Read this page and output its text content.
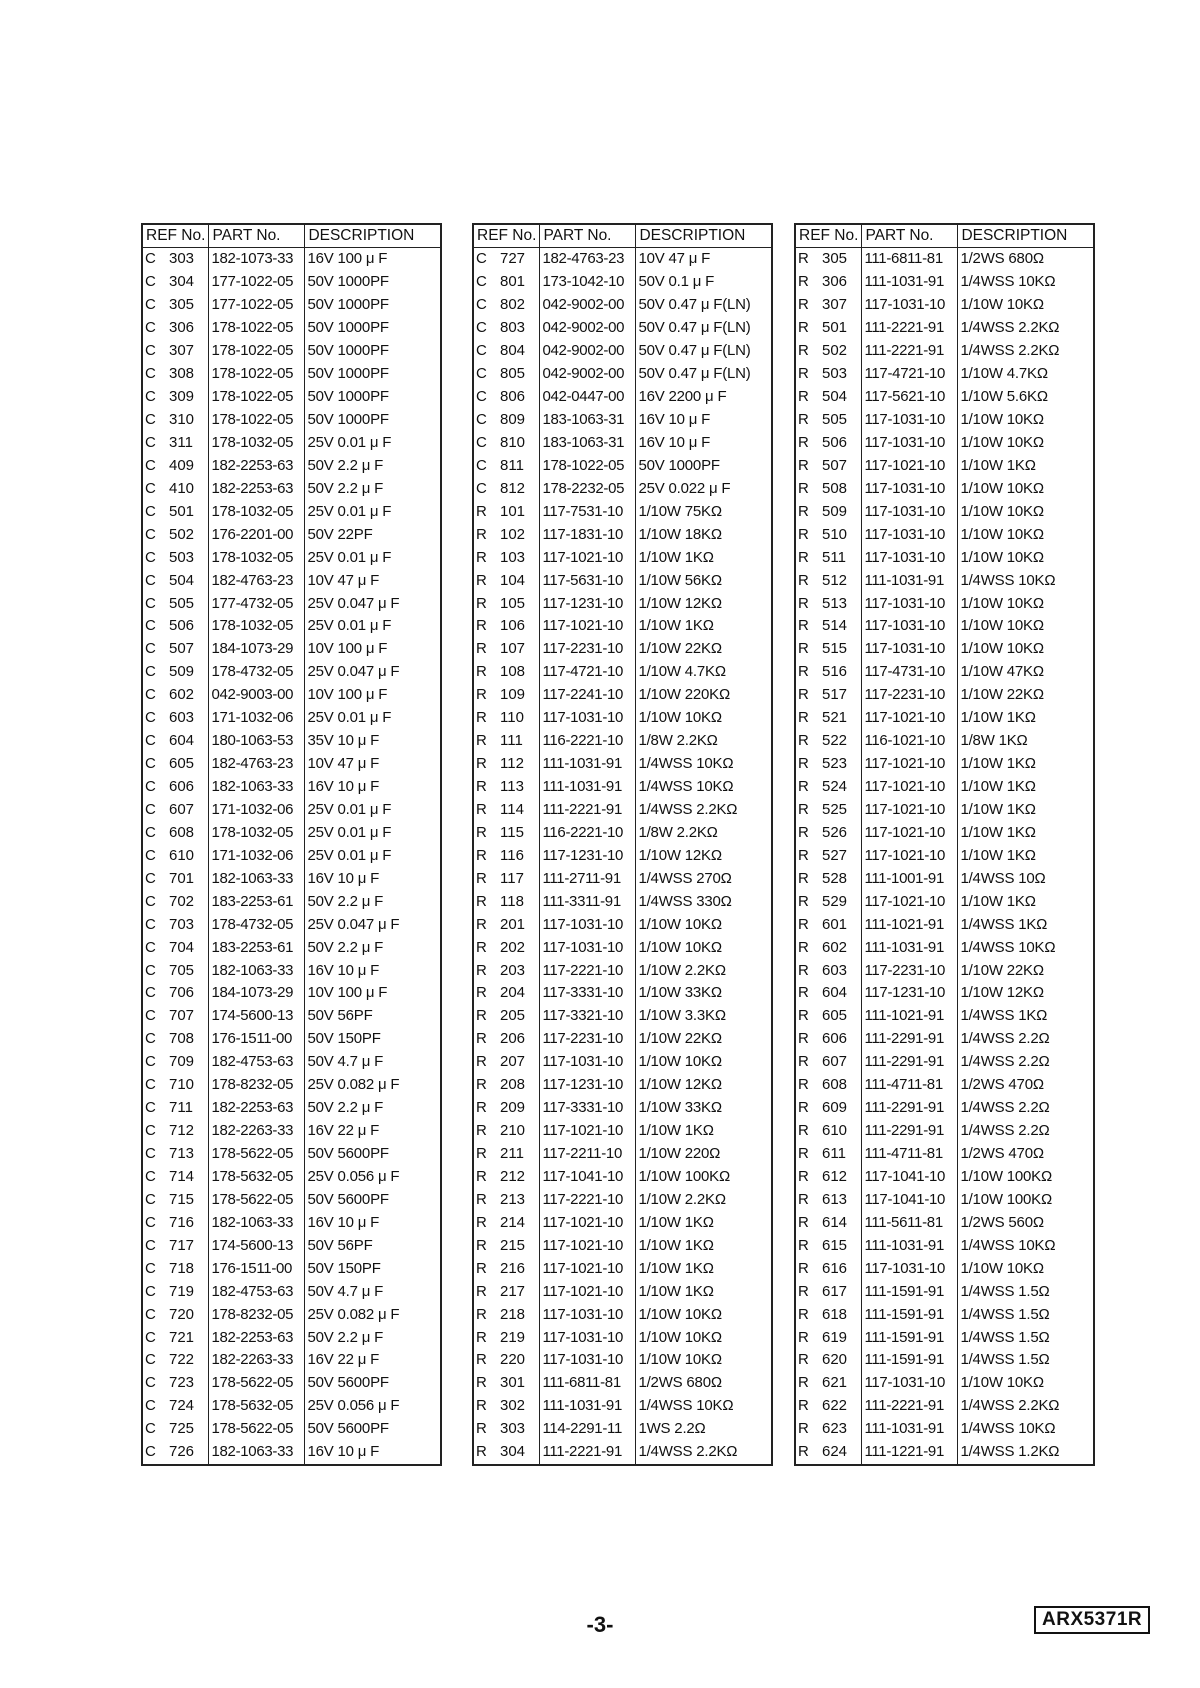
REF No.	PART No.	DESCRIPTION
C 303	182-1073-33	16V 100 μ F
C 304	177-1022-05	50V 1000PF
C 305	177-1022-05	50V 1000PF
C 306	178-1022-05	50V 1000PF
C 307	178-1022-05	50V 1000PF
C 308	178-1022-05	50V 1000PF
C 309	178-1022-05	50V 1000PF
C 310	178-1022-05	50V 1000PF
C 311	178-1032-05	25V 0.01 μ F
C 409	182-2253-63	50V 2.2 μ F
C 410	182-2253-63	50V 2.2 μ F
C 501	178-1032-05	25V 0.01 μ F
C 502	176-2201-00	50V 22PF
C 503	178-1032-05	25V 0.01 μ F
C 504	182-4763-23	10V 47 μ F
C 505	177-4732-05	25V 0.047 μ F
C 506	178-1032-05	25V 0.01 μ F
C 507	184-1073-29	10V 100 μ F
C 509	178-4732-05	25V 0.047 μ F
C 602	042-9003-00	10V 100 μ F
C 603	171-1032-06	25V 0.01 μ F
C 604	180-1063-53	35V 10 μ F
C 605	182-4763-23	10V 47 μ F
C 606	182-1063-33	16V 10 μ F
C 607	171-1032-06	25V 0.01 μ F
C 608	178-1032-05	25V 0.01 μ F
C 610	171-1032-06	25V 0.01 μ F
C 701	182-1063-33	16V 10 μ F
C 702	183-2253-61	50V 2.2 μ F
C 703	178-4732-05	25V 0.047 μ F
C 704	183-2253-61	50V 2.2 μ F
C 705	182-1063-33	16V 10 μ F
C 706	184-1073-29	10V 100 μ F
C 707	174-5600-13	50V 56PF
C 708	176-1511-00	50V 150PF
C 709	182-4753-63	50V 4.7 μ F
C 710	178-8232-05	25V 0.082 μ F
C 711	182-2253-63	50V 2.2 μ F
C 712	182-2263-33	16V 22 μ F
C 713	178-5622-05	50V 5600PF
C 714	178-5632-05	25V 0.056 μ F
C 715	178-5622-05	50V 5600PF
C 716	182-1063-33	16V 10 μ F
C 717	174-5600-13	50V 56PF
C 718	176-1511-00	50V 150PF
C 719	182-4753-63	50V 4.7 μ F
C 720	178-8232-05	25V 0.082 μ F
C 721	182-2253-63	50V 2.2 μ F
C 722	182-2263-33	16V 22 μ F
C 723	178-5622-05	50V 5600PF
C 724	178-5632-05	25V 0.056 μ F
C 725	178-5622-05	50V 5600PF
C 726	182-1063-33	16V 10 μ F
REF No.	PART No.	DESCRIPTION
C 727	182-4763-23	10V 47 μ F
C 801	173-1042-10	50V 0.1 μ F
C 802	042-9002-00	50V 0.47 μ F(LN)
C 803	042-9002-00	50V 0.47 μ F(LN)
C 804	042-9002-00	50V 0.47 μ F(LN)
C 805	042-9002-00	50V 0.47 μ F(LN)
C 806	042-0447-00	16V 2200 μ F
C 809	183-1063-31	16V 10 μ F
C 810	183-1063-31	16V 10 μ F
C 811	178-1022-05	50V 1000PF
C 812	178-2232-05	25V 0.022 μ F
R 101	117-7531-10	1/10W 75KΩ
R 102	117-1831-10	1/10W 18KΩ
R 103	117-1021-10	1/10W 1KΩ
R 104	117-5631-10	1/10W 56KΩ
R 105	117-1231-10	1/10W 12KΩ
R 106	117-1021-10	1/10W 1KΩ
R 107	117-2231-10	1/10W 22KΩ
R 108	117-4721-10	1/10W 4.7KΩ
R 109	117-2241-10	1/10W 220KΩ
R 110	117-1031-10	1/10W 10KΩ
R 111	116-2221-10	1/8W 2.2KΩ
R 112	111-1031-91	1/4WSS 10KΩ
R 113	111-1031-91	1/4WSS 10KΩ
R 114	111-2221-91	1/4WSS 2.2KΩ
R 115	116-2221-10	1/8W 2.2KΩ
R 116	117-1231-10	1/10W 12KΩ
R 117	111-2711-91	1/4WSS 270Ω
R 118	111-3311-91	1/4WSS 330Ω
R 201	117-1031-10	1/10W 10KΩ
R 202	117-1031-10	1/10W 10KΩ
R 203	117-2221-10	1/10W 2.2KΩ
R 204	117-3331-10	1/10W 33KΩ
R 205	117-3321-10	1/10W 3.3KΩ
R 206	117-2231-10	1/10W 22KΩ
R 207	117-1031-10	1/10W 10KΩ
R 208	117-1231-10	1/10W 12KΩ
R 209	117-3331-10	1/10W 33KΩ
R 210	117-1021-10	1/10W 1KΩ
R 211	117-2211-10	1/10W 220Ω
R 212	117-1041-10	1/10W 100KΩ
R 213	117-2221-10	1/10W 2.2KΩ
R 214	117-1021-10	1/10W 1KΩ
R 215	117-1021-10	1/10W 1KΩ
R 216	117-1021-10	1/10W 1KΩ
R 217	117-1021-10	1/10W 1KΩ
R 218	117-1031-10	1/10W 10KΩ
R 219	117-1031-10	1/10W 10KΩ
R 220	117-1031-10	1/10W 10KΩ
R 301	111-6811-81	1/2WS 680Ω
R 302	111-1031-91	1/4WSS 10KΩ
R 303	114-2291-11	1WS 2.2Ω
R 304	111-2221-91	1/4WSS 2.2KΩ
REF No.	PART No.	DESCRIPTION
R 305	111-6811-81	1/2WS 680Ω
R 306	111-1031-91	1/4WSS 10KΩ
R 307	117-1031-10	1/10W 10KΩ
R 501	111-2221-91	1/4WSS 2.2KΩ
R 502	111-2221-91	1/4WSS 2.2KΩ
R 503	117-4721-10	1/10W 4.7KΩ
R 504	117-5621-10	1/10W 5.6KΩ
R 505	117-1031-10	1/10W 10KΩ
R 506	117-1031-10	1/10W 10KΩ
R 507	117-1021-10	1/10W 1KΩ
R 508	117-1031-10	1/10W 10KΩ
R 509	117-1031-10	1/10W 10KΩ
R 510	117-1031-10	1/10W 10KΩ
R 511	117-1031-10	1/10W 10KΩ
R 512	111-1031-91	1/4WSS 10KΩ
R 513	117-1031-10	1/10W 10KΩ
R 514	117-1031-10	1/10W 10KΩ
R 515	117-1031-10	1/10W 10KΩ
R 516	117-4731-10	1/10W 47KΩ
R 517	117-2231-10	1/10W 22KΩ
R 521	117-1021-10	1/10W 1KΩ
R 522	116-1021-10	1/8W 1KΩ
R 523	117-1021-10	1/10W 1KΩ
R 524	117-1021-10	1/10W 1KΩ
R 525	117-1021-10	1/10W 1KΩ
R 526	117-1021-10	1/10W 1KΩ
R 527	117-1021-10	1/10W 1KΩ
R 528	111-1001-91	1/4WSS 10Ω
R 529	117-1021-10	1/10W 1KΩ
R 601	111-1021-91	1/4WSS 1KΩ
R 602	111-1031-91	1/4WSS 10KΩ
R 603	117-2231-10	1/10W 22KΩ
R 604	117-1231-10	1/10W 12KΩ
R 605	111-1021-91	1/4WSS 1KΩ
R 606	111-2291-91	1/4WSS 2.2Ω
R 607	111-2291-91	1/4WSS 2.2Ω
R 608	111-4711-81	1/2WS 470Ω
R 609	111-2291-91	1/4WSS 2.2Ω
R 610	111-2291-91	1/4WSS 2.2Ω
R 611	111-4711-81	1/2WS 470Ω
R 612	117-1041-10	1/10W 100KΩ
R 613	117-1041-10	1/10W 100KΩ
R 614	111-5611-81	1/2WS 560Ω
R 615	111-1031-91	1/4WSS 10KΩ
R 616	117-1031-10	1/10W 10KΩ
R 617	111-1591-91	1/4WSS 1.5Ω
R 618	111-1591-91	1/4WSS 1.5Ω
R 619	111-1591-91	1/4WSS 1.5Ω
R 620	111-1591-91	1/4WSS 1.5Ω
R 621	117-1031-10	1/10W 10KΩ
R 622	111-2221-91	1/4WSS 2.2KΩ
R 623	111-1031-91	1/4WSS 10KΩ
R 624	111-1221-91	1/4WSS 1.2KΩ
-3-	ARX5371R
